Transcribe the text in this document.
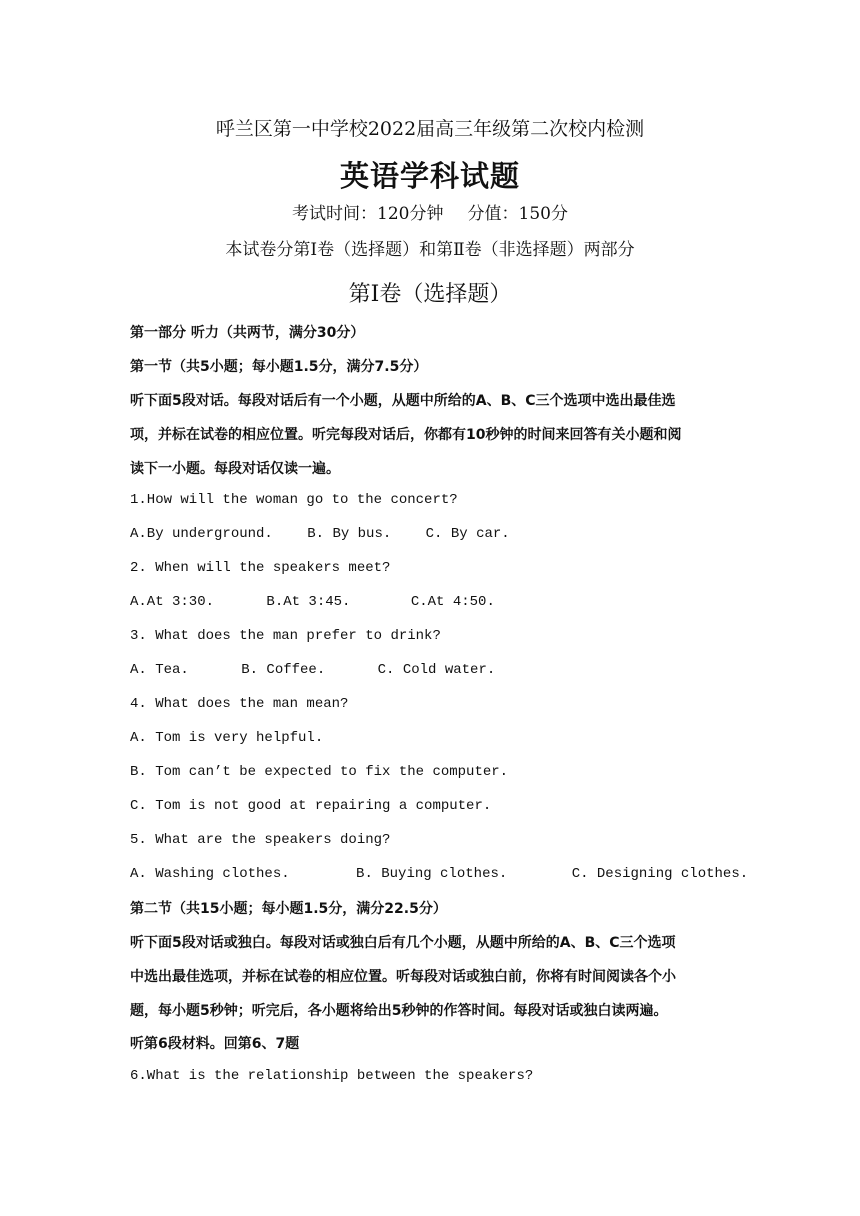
呼兰区第一中学校2022届高三年级第二次校内检测
英语学科试题
考试时间：120分钟 分值：150分
本试卷分第Ⅰ卷（选择题）和第Ⅱ卷（非选择题）两部分
第Ⅰ卷（选择题）
第一部分 听力（共两节，满分30分）
第一节（共5小题；每小题1.5分，满分7.5分）
听下面5段对话。每段对话后有一个小题，从题中所给的A、B、C三个选项中选出最佳选
项，并标在试卷的相应位置。听完每段对话后，你都有10秒钟的时间来回答有关小题和阅
读下一小题。每段对话仅读一遍。
1.How will the woman go to the concert?
A.By underground. B. By bus. C. By car.
2. When will the speakers meet?
A.At 3:30.	B.At 3:45.	C.At 4:50.
3. What does the man prefer to drink?
A. Tea.	B. Coffee.	C. Cold water.
4. What does the man mean?
A. Tom is very helpful.
B. Tom can’t be expected to fix the computer.
C. Tom is not good at repairing a computer.
5. What are the speakers doing?
A. Washing clothes.	B. Buying clothes.	C. Designing clothes.
第二节（共15小题；每小题1.5分，满分22.5分）
听下面5段对话或独白。每段对话或独白后有几个小题，从题中所给的A、B、C三个选项
中选出最佳选项，并标在试卷的相应位置。听每段对话或独白前，你将有时间阅读各个小
题，每小题5秒钟；听完后，各小题将给出5秒钟的作答时间。每段对话或独白读两遍。
听第6段材料。回第6、7题
6.What is the relationship between the speakers?
